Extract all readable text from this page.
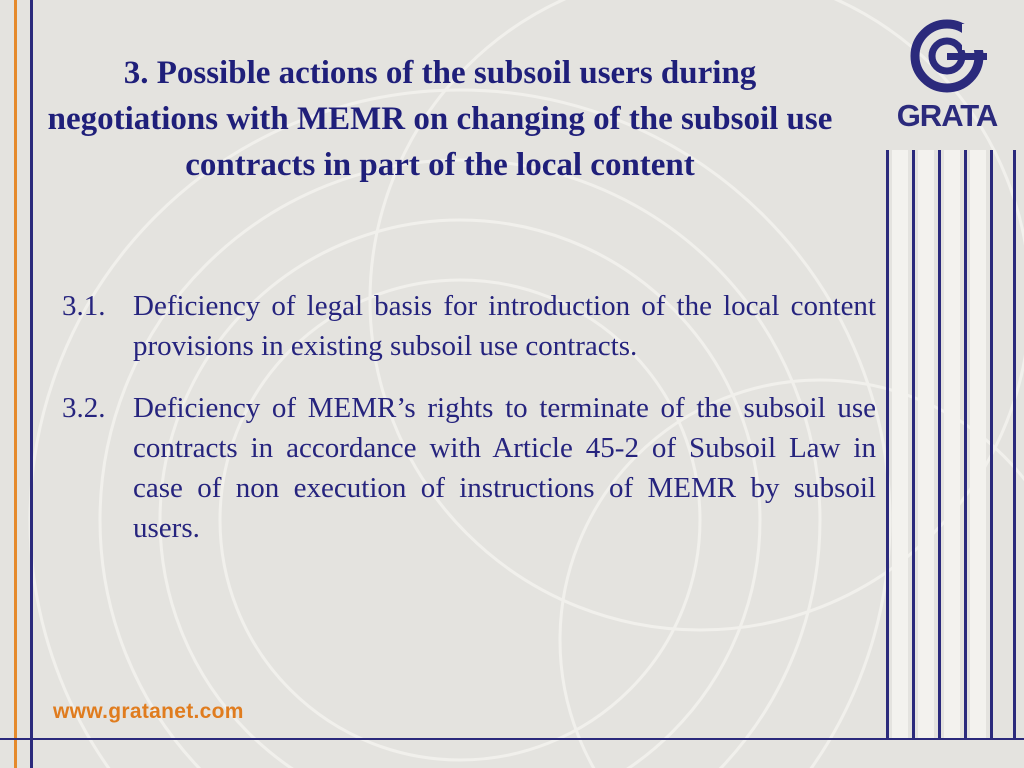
3. Possible actions of the subsoil users during negotiations with MEMR on changing of the subsoil use contracts in part of the local content
3.1. Deficiency of legal basis for introduction of the local content provisions in existing subsoil use contracts.
3.2. Deficiency of MEMR’s rights to terminate of the subsoil use contracts in accordance with Article 45-2 of Subsoil Law in case of non execution of instructions of MEMR by subsoil users.
GRATA
www.gratanet.com
